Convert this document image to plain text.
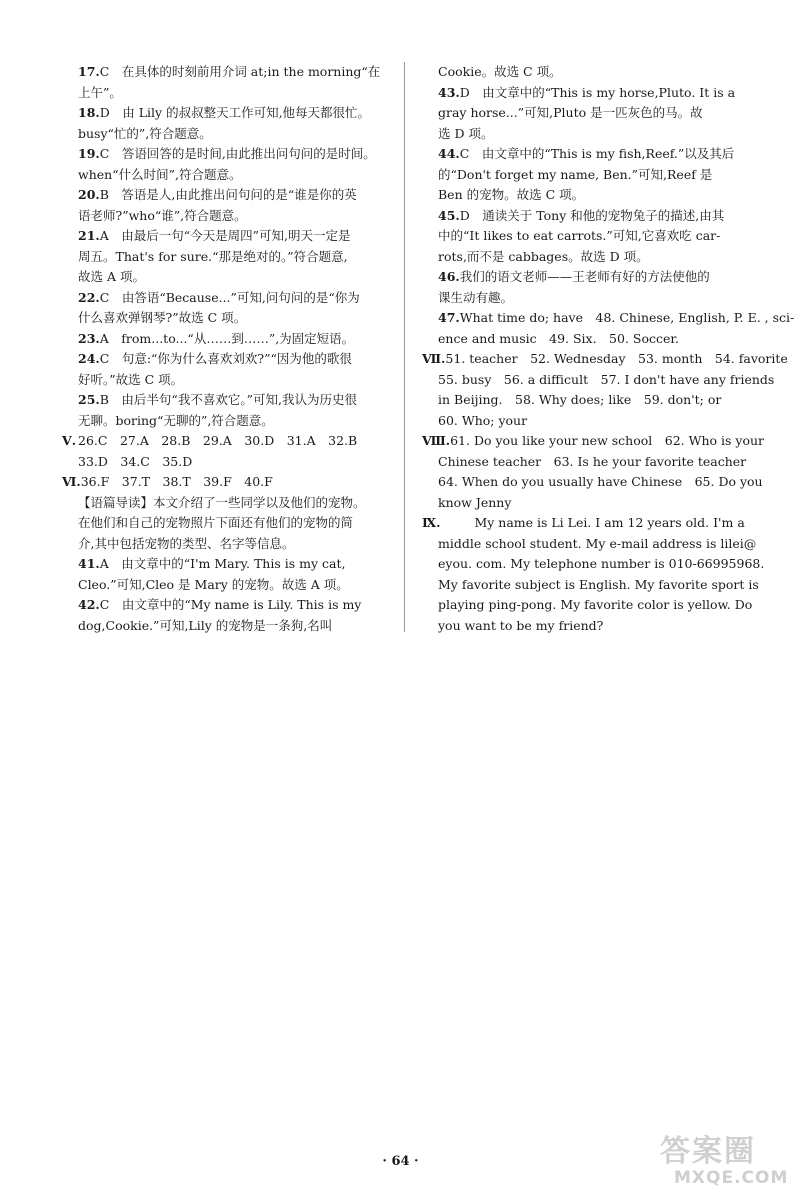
17.C　在具体的时刻前用介词 at;in the morning“在
上午”。
18.D　由 Lily 的叔叔整天工作可知,他每天都很忙。
busy“忙的”,符合题意。
19.C　答语回答的是时间,由此推出问句问的是时间。
when“什么时间”,符合题意。
20.B　答语是人,由此推出问句问的是“谁是你的英
语老师?”who“谁”,符合题意。
21.A　由最后一句“今天是周四”可知,明天一定是
周五。That's for sure.“那是绝对的。”符合题意,
故选 A 项。
22.C　由答语“Because...”可知,问句问的是“你为
什么喜欢弹钢琴?”故选 C 项。
23.A　from...to...“从……到……”,为固定短语。
24.C　句意:“你为什么喜欢刘欢?”“因为他的歌很
好听。”故选 C 项。
25.B　由后半句“我不喜欢它。”可知,我认为历史很
无聊。boring“无聊的”,符合题意。
Ⅴ. 26.C　27.A　28.B　29.A　30.D　31.A　32.B
33.D　34.C　35.D
Ⅵ.36.F　37.T　38.T　39.F　40.F
【语篇导读】本文介绍了一些同学以及他们的宠物。
在他们和自己的宠物照片下面还有他们的宠物的简
介,其中包括宠物的类型、名字等信息。
41.A　由文章中的“I'm Mary. This is my cat,
Cleo.”可知,Cleo 是 Mary 的宠物。故选 A 项。
42.C　由文章中的“My name is Lily. This is my
dog,Cookie.”可知,Lily 的宠物是一条狗,名叫
Cookie。故选 C 项。
43.D　由文章中的“This is my horse,Pluto. It is a
gray horse...”可知,Pluto 是一匹灰色的马。故
选 D 项。
44.C　由文章中的“This is my fish,Reef.”以及其后
的“Don't forget my name, Ben.”可知,Reef 是
Ben 的宠物。故选 C 项。
45.D　通读关于 Tony 和他的宠物兔子的描述,由其
中的“It likes to eat carrots.”可知,它喜欢吃 car-
rots,而不是 cabbages。故选 D 项。
46.我们的语文老师——王老师有好的方法使他的
课生动有趣。
47.What time do; have　48. Chinese, English, P. E. , sci-
ence and music　49. Six.　50. Soccer.
Ⅶ.51. teacher　52. Wednesday　53. month　54. favorite
55. busy　56. a difficult　57. I don't have any friends
in Beijing.　58. Why does; like　59. don't; or
60. Who; your
Ⅷ.61. Do you like your new school　62. Who is your
Chinese teacher　63. Is he your favorite teacher
64. When do you usually have Chinese　65. Do you
know Jenny
Ⅸ.	My name is Li Lei. I am 12 years old. I'm a
middle school student. My e-mail address is lilei@
eyou. com. My telephone number is 010-66995968.
My favorite subject is English. My favorite sport is
playing ping-pong. My favorite color is yellow. Do
you want to be my friend?
· 64 ·	答案圈
MXQE.COM
